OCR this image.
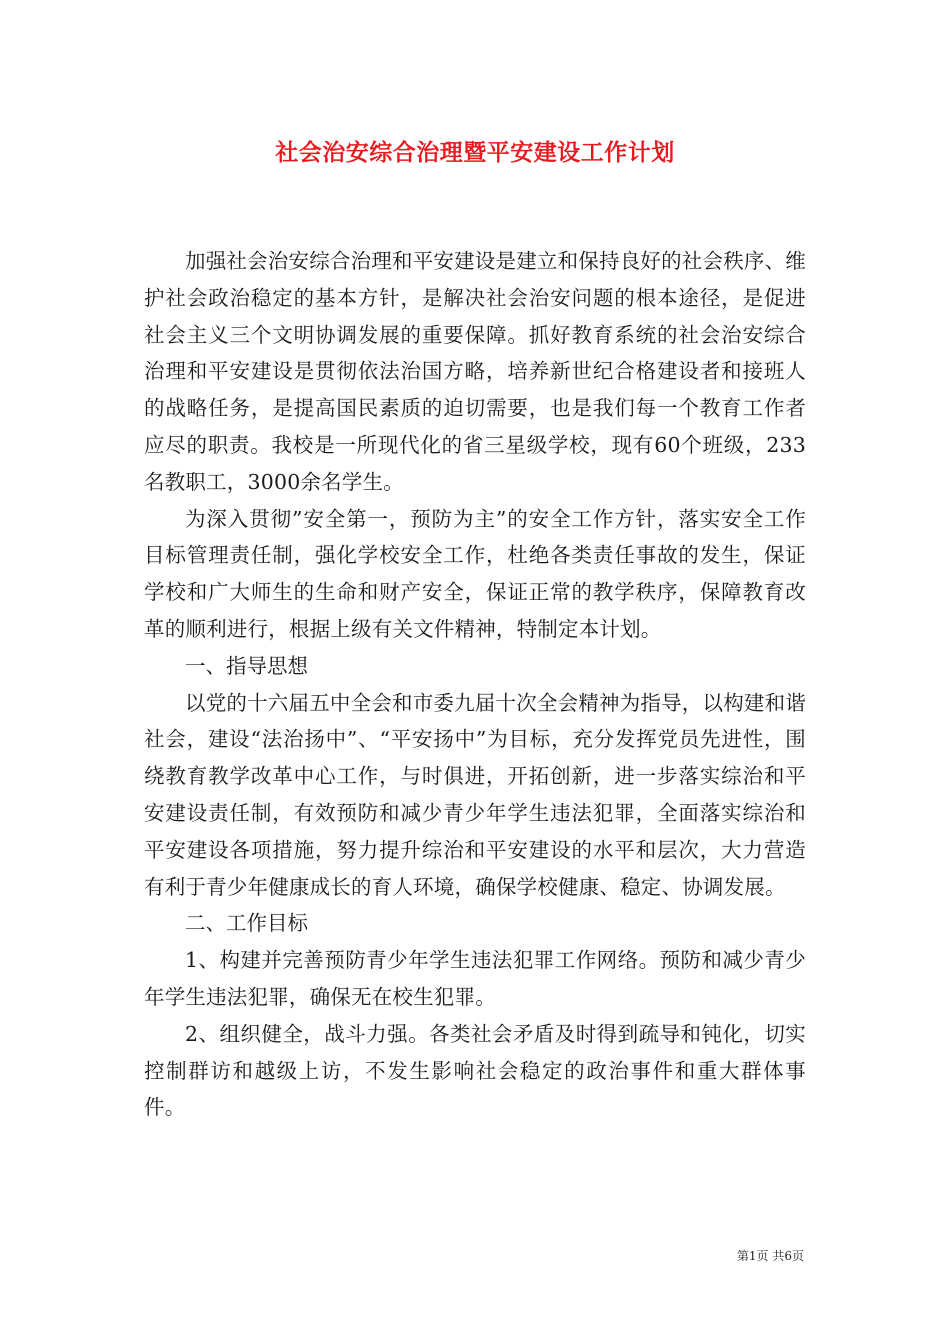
社会治安综合治理暨平安建设工作计划

加强社会治安综合治理和平安建设是建立和保持良好的社会秩序、维护社会政治稳定的基本方针，是解决社会治安问题的根本途径，是促进社会主义三个文明协调发展的重要保障。抓好教育系统的社会治安综合治理和平安建设是贯彻依法治国方略，培养新世纪合格建设者和接班人的战略任务，是提高国民素质的迫切需要，也是我们每一个教育工作者应尽的职责。我校是一所现代化的省三星级学校，现有60个班级，233名教职工，3000余名学生。

为深入贯彻”安全第一，预防为主”的安全工作方针，落实安全工作目标管理责任制，强化学校安全工作，杜绝各类责任事故的发生，保证学校和广大师生的生命和财产安全，保证正常的教学秩序，保障教育改革的顺利进行，根据上级有关文件精神，特制定本计划。

一、指导思想

以党的十六届五中全会和市委九届十次全会精神为指导，以构建和谐社会，建设“法治扬中”、“平安扬中”为目标，充分发挥党员先进性，围绕教育教学改革中心工作，与时俱进，开拓创新，进一步落实综治和平安建设责任制，有效预防和减少青少年学生违法犯罪，全面落实综治和平安建设各项措施，努力提升综治和平安建设的水平和层次，大力营造有利于青少年健康成长的育人环境，确保学校健康、稳定、协调发展。

二、工作目标

1、构建并完善预防青少年学生违法犯罪工作网络。预防和减少青少年学生违法犯罪，确保无在校生犯罪。

2、组织健全，战斗力强。各类社会矛盾及时得到疏导和钝化，切实控制群访和越级上访，不发生影响社会稳定的政治事件和重大群体事件。

第1页 共6页
